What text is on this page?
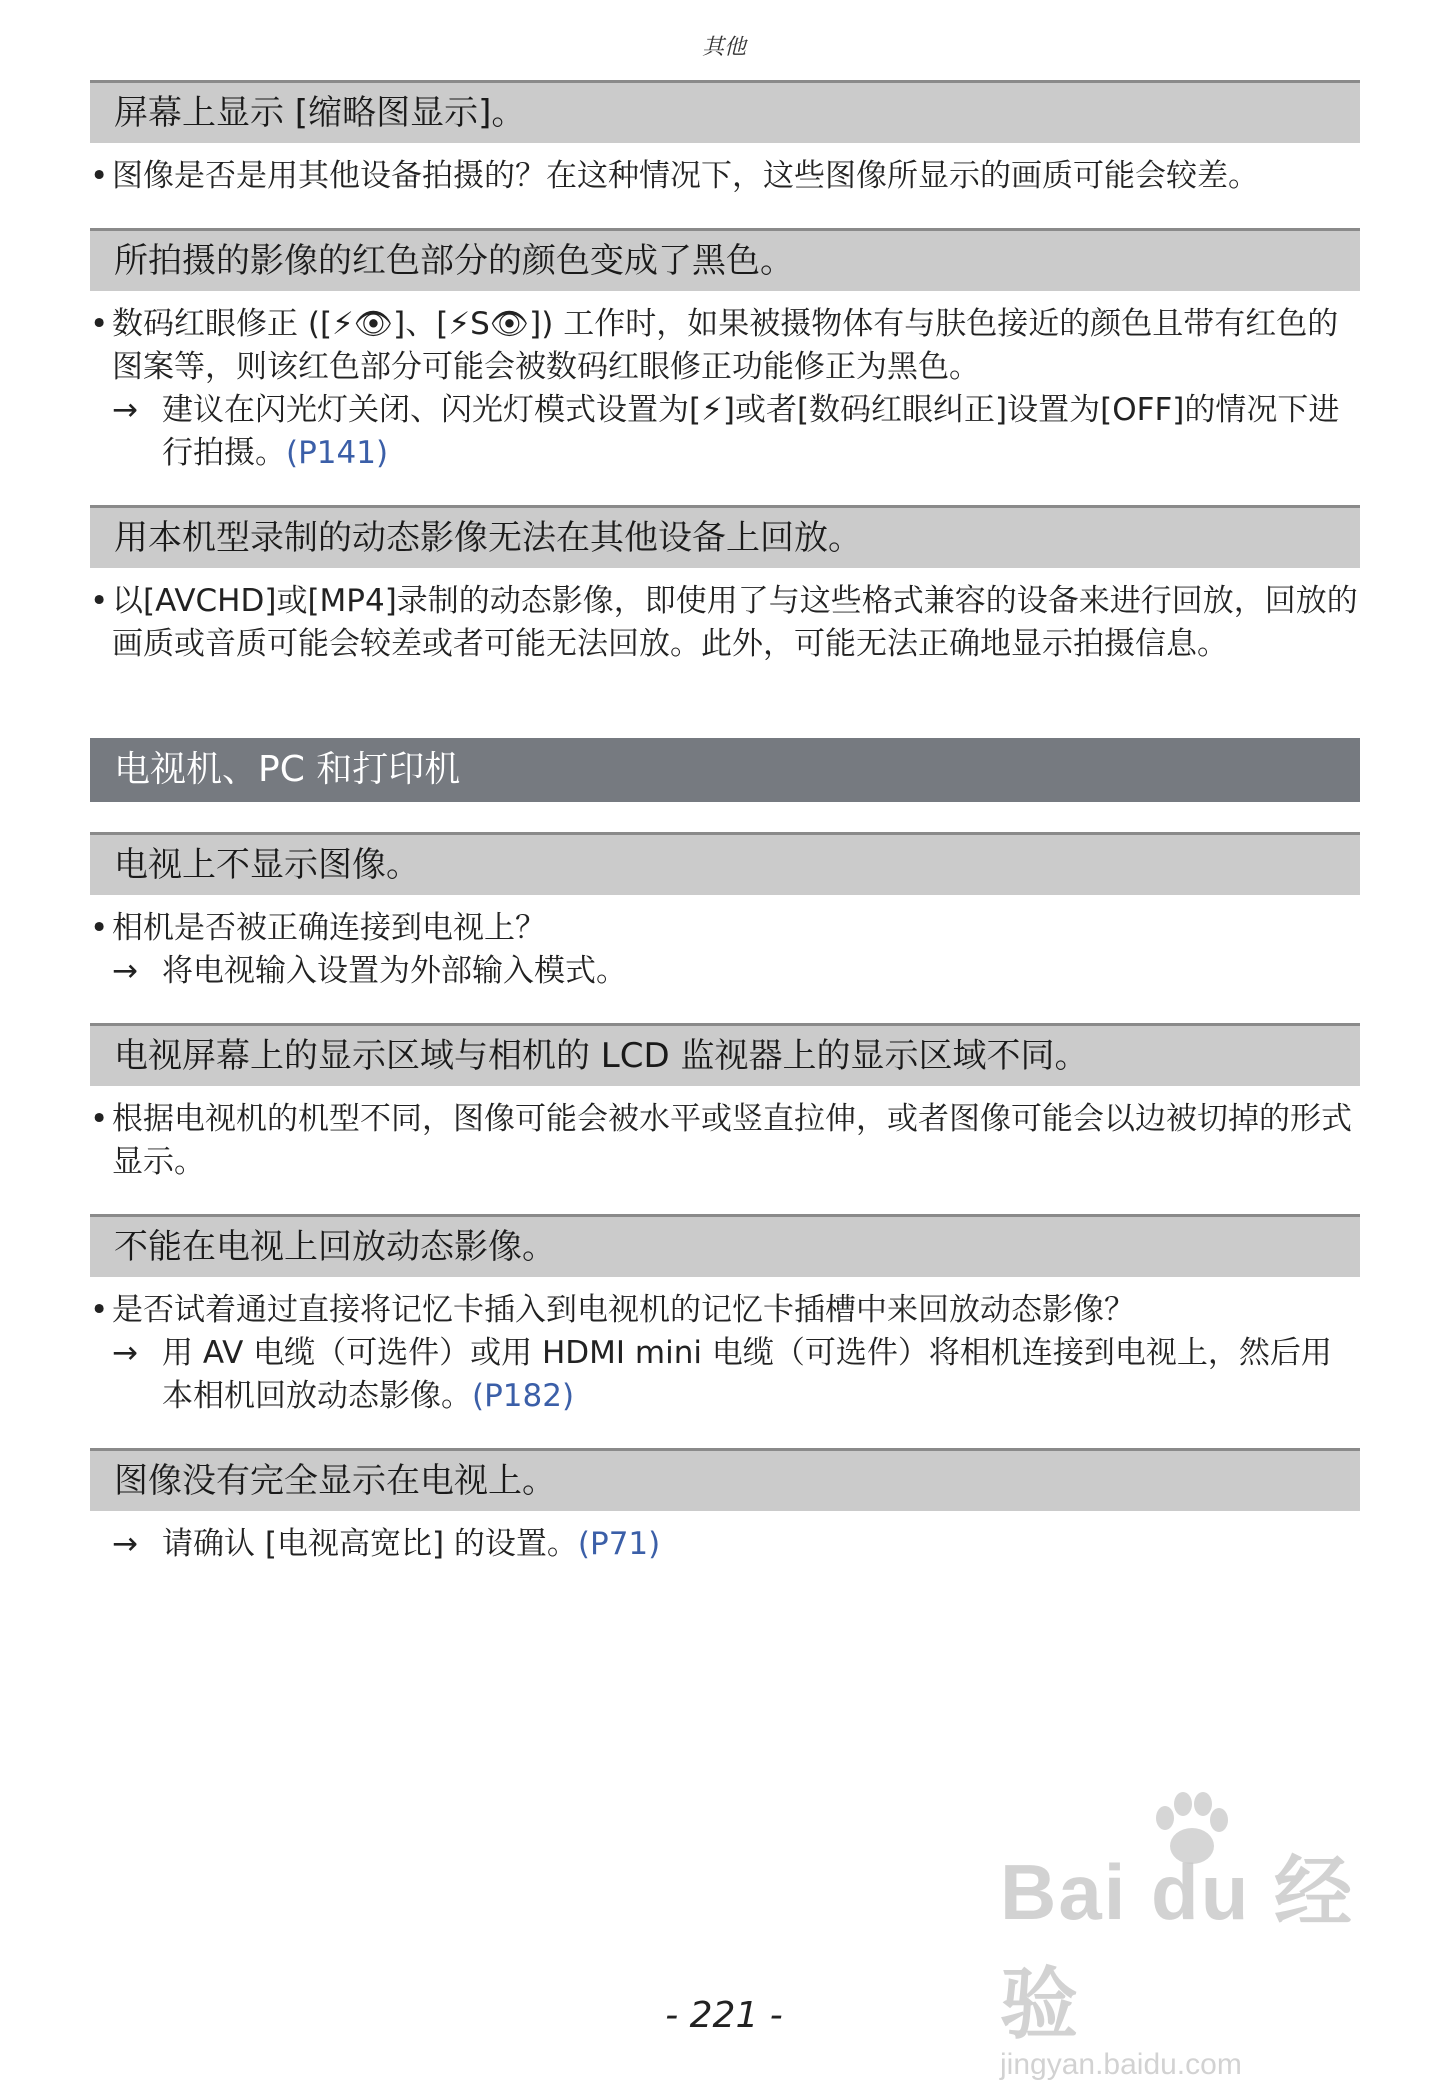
其他
屏幕上显示 [缩略图显示]。
• 图像是否是用其他设备拍摄的？在这种情况下，这些图像所显示的画质可能会较差。
所拍摄的影像的红色部分的颜色变成了黑色。
• 数码红眼修正 ([⚡👁]、[⚡S👁]) 工作时，如果被摄物体有与肤色接近的颜色且带有红色的图案等，则该红色部分可能会被数码红眼修正功能修正为黑色。
→ 建议在闪光灯关闭、闪光灯模式设置为[⚡]或者[数码红眼纠正]设置为[OFF]的情况下进行拍摄。(P141)
用本机型录制的动态影像无法在其他设备上回放。
• 以[AVCHD]或[MP4]录制的动态影像，即使用了与这些格式兼容的设备来进行回放，回放的画质或音质可能会较差或者可能无法回放。此外，可能无法正确地显示拍摄信息。
电视机、PC 和打印机
电视上不显示图像。
• 相机是否被正确连接到电视上？
→ 将电视输入设置为外部输入模式。
电视屏幕上的显示区域与相机的 LCD 监视器上的显示区域不同。
• 根据电视机的机型不同，图像可能会被水平或竖直拉伸，或者图像可能会以边被切掉的形式显示。
不能在电视上回放动态影像。
• 是否试着通过直接将记忆卡插入到电视机的记忆卡插槽中来回放动态影像？
→ 用 AV 电缆（可选件）或用 HDMI mini 电缆（可选件）将相机连接到电视上，然后用本相机回放动态影像。(P182)
图像没有完全显示在电视上。
→ 请确认 [电视高宽比] 的设置。(P71)
Bai du 经验
jingyan.baidu.com
- 221 -
